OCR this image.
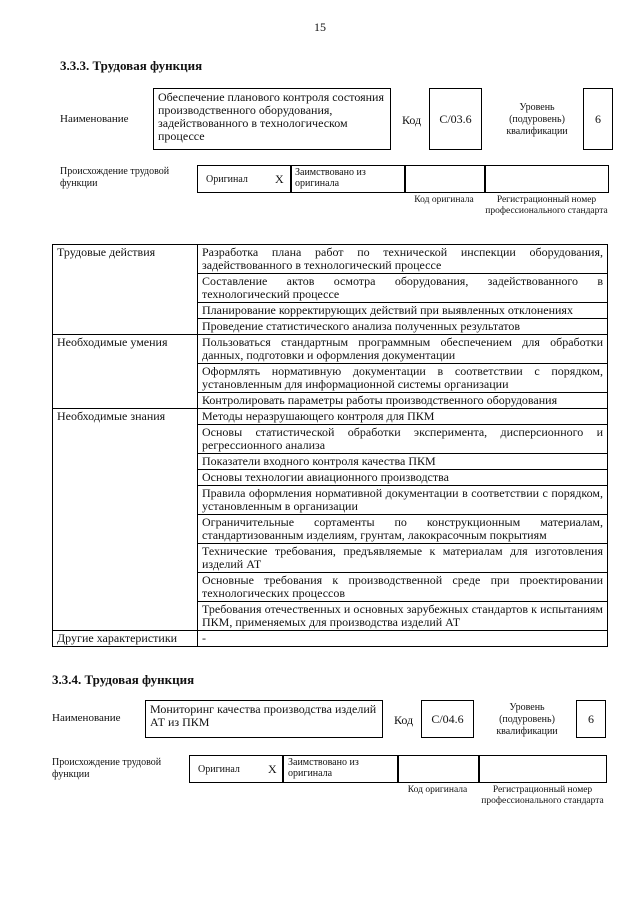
15
3.3.3. Трудовая функция
Наименование
Обеспечение планового контроля состояния производственного оборудования, задействованного в технологическом процессе
Код	С/03.6
Уровень (подуровень) квалификации
6
Происхождение трудовой функции	Оригинал X Заимствовано из оригинала
Код оригинала	Регистрационный номер профессионального стандарта
Трудовые действия	Разработка плана работ по технической инспекции оборудования, задействованного в технологический процессе
	Составление актов осмотра оборудования, задействованного в технологический процессе
	Планирование корректирующих действий при выявленных отклонениях
	Проведение статистического анализа полученных результатов
Необходимые умения	Пользоваться стандартным программным обеспечением для обработки данных, подготовки и оформления документации
	Оформлять нормативную документации в соответствии с порядком, установленным для информационной системы организации
	Контролировать параметры работы производственного оборудования
Необходимые знания	Методы неразрушающего контроля для ПКМ
	Основы статистической обработки эксперимента, дисперсионного и регрессионного анализа
	Показатели входного контроля качества ПКМ
	Основы технологии авиационного производства
	Правила оформления нормативной документации в соответствии с порядком, установленным в организации
	Ограничительные сортаменты по конструкционным материалам, стандартизованным изделиям, грунтам, лакокрасочным покрытиям
	Технические требования, предъявляемые к материалам для изготовления изделий АТ
	Основные требования к производственной среде при проектировании технологических процессов
	Требования отечественных и основных зарубежных стандартов к испытаниям ПКМ, применяемых для производства изделий АТ
Другие характеристики	-
3.3.4. Трудовая функция
Наименование
Мониторинг качества производства изделий АТ из ПКМ	Код	С/04.6
Уровень (подуровень) квалификации
6
Происхождение трудовой функции	Оригинал X Заимствовано из оригинала
Код оригинала	Регистрационный номер профессионального стандарта
